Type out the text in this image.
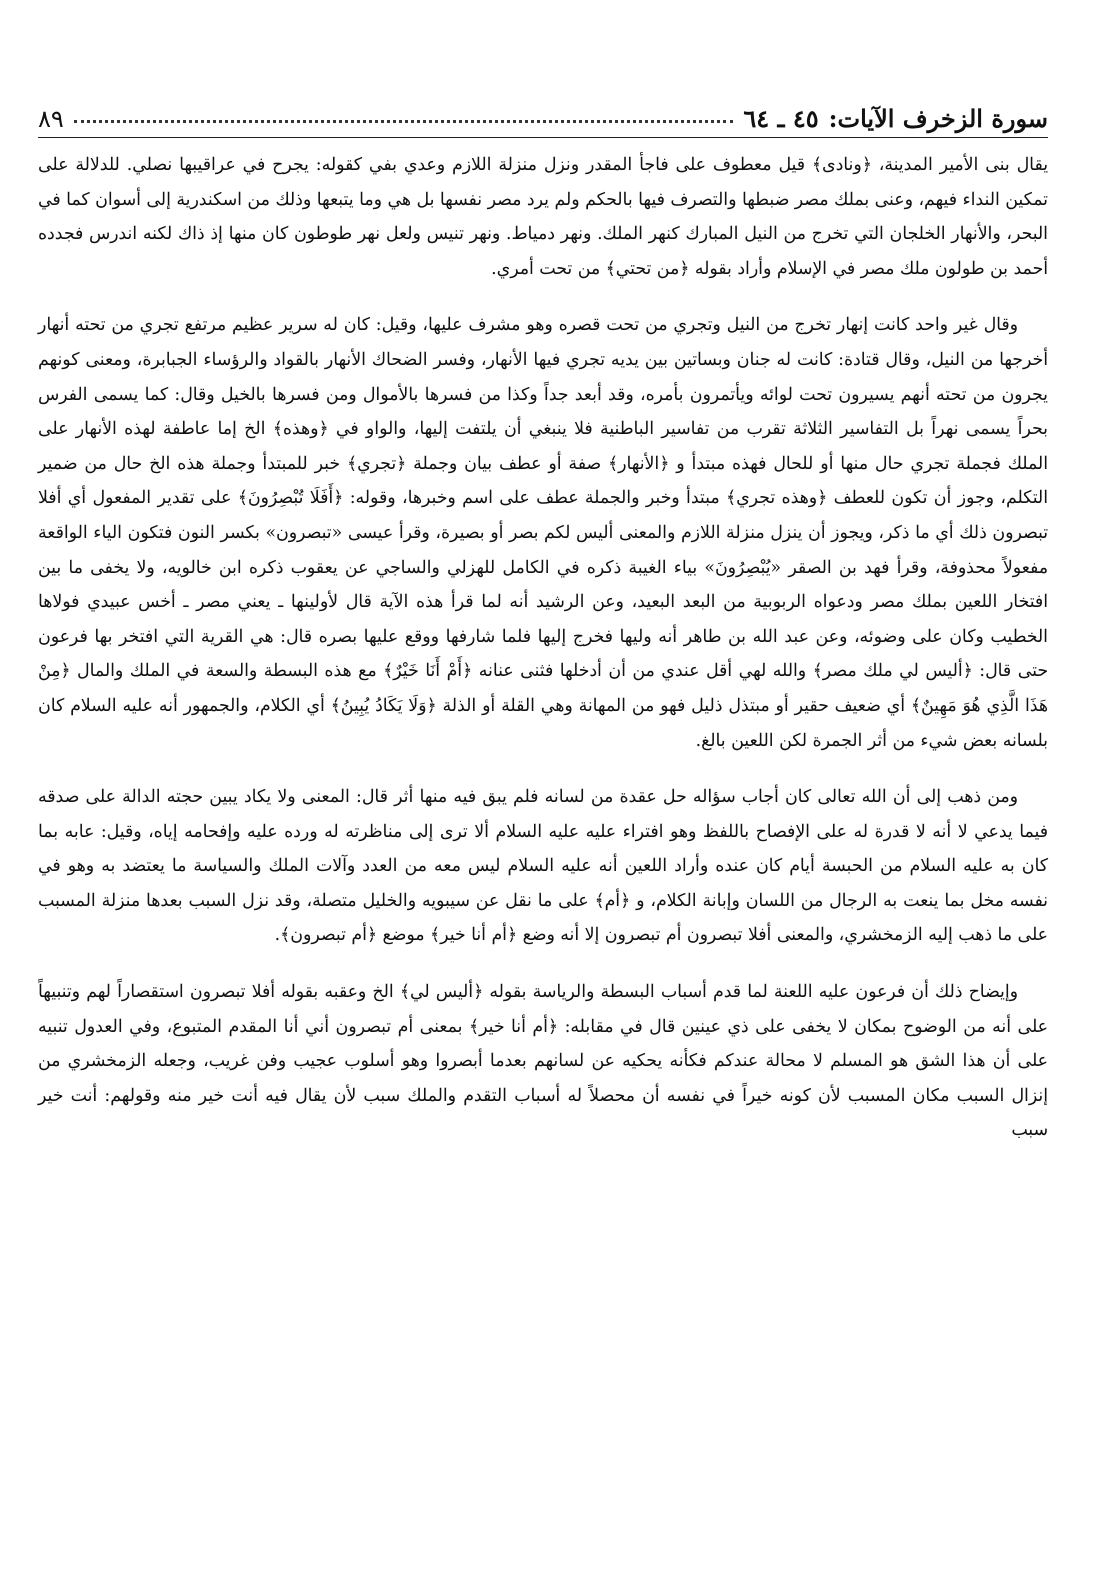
سورة الزخرف الآيات:
٤٥ ـ ٦٤
٨٩

يقال بنى الأمير المدينة، ﴿ونادى﴾ قيل معطوف على فاجأ المقدر ونزل منزلة اللازم وعدي بفي كقوله: يجرح في عراقيبها نصلي. للدلالة على تمكين النداء فيهم، وعنى بملك مصر ضبطها والتصرف فيها بالحكم ولم يرد مصر نفسها بل هي وما يتبعها وذلك من اسكندرية إلى أسوان كما في البحر، والأنهار الخلجان التي تخرج من النيل المبارك كنهر الملك. ونهر دمياط. ونهر تنيس ولعل نهر طوطون كان منها إذ ذاك لكنه اندرس فجدده أحمد بن طولون ملك مصر في الإسلام وأراد بقوله ﴿من تحتي﴾ من تحت أمري.

وقال غير واحد كانت إنهار تخرج من النيل وتجري من تحت قصره وهو مشرف عليها، وقيل: كان له سرير عظيم مرتفع تجري من تحته أنهار أخرجها من النيل، وقال قتادة: كانت له جنان وبساتين بين يديه تجري فيها الأنهار، وفسر الضحاك الأنهار بالقواد والرؤساء الجبابرة، ومعنى كونهم يجرون من تحته أنهم يسيرون تحت لوائه ويأتمرون بأمره، وقد أبعد جداً وكذا من فسرها بالأموال ومن فسرها بالخيل وقال: كما يسمى الفرس بحراً يسمى نهراً بل التفاسير الثلاثة تقرب من تفاسير الباطنية فلا ينبغي أن يلتفت إليها، والواو في ﴿وهذه﴾ الخ إما عاطفة لهذه الأنهار على الملك فجملة تجري حال منها أو للحال فهذه مبتدأ و ﴿الأنهار﴾ صفة أو عطف بيان وجملة ﴿تجري﴾ خبر للمبتدأ وجملة هذه الخ حال من ضمير التكلم، وجوز أن تكون للعطف ﴿وهذه تجري﴾ مبتدأ وخبر والجملة عطف على اسم وخبرها، وقوله: ﴿أَفَلَا تُبْصِرُونَ﴾ على تقدير المفعول أي أفلا تبصرون ذلك أي ما ذكر، ويجوز أن ينزل منزلة اللازم والمعنى أليس لكم بصر أو بصيرة، وقرأ عيسى «تبصرون» بكسر النون فتكون الياء الواقعة مفعولاً محذوفة، وقرأ فهد بن الصقر «يُبْصِرُونَ» بياء الغيبة ذكره في الكامل للهزلي والساجي عن يعقوب ذكره ابن خالويه، ولا يخفى ما بين افتخار اللعين بملك مصر ودعواه الربوبية من البعد البعيد، وعن الرشيد أنه لما قرأ هذه الآية قال لأولينها ـ يعني مصر ـ أخس عبيدي فولاها الخطيب وكان على وضوئه، وعن عبد الله بن طاهر أنه وليها فخرج إليها فلما شارفها ووقع عليها بصره قال: هي القرية التي افتخر بها فرعون حتى قال: ﴿أليس لي ملك مصر﴾ والله لهي أقل عندي من أن أدخلها فثنى عنانه ﴿أَمْ أَنَا خَيْرٌ﴾ مع هذه البسطة والسعة في الملك والمال ﴿مِنْ هَذَا الَّذِي هُوَ مَهِينٌ﴾ أي ضعيف حقير أو مبتذل ذليل فهو من المهانة وهي القلة أو الذلة ﴿وَلَا يَكَادُ يُبِينُ﴾ أي الكلام، والجمهور أنه عليه السلام كان بلسانه بعض شيء من أثر الجمرة لكن اللعين بالغ.

ومن ذهب إلى أن الله تعالى كان أجاب سؤاله حل عقدة من لسانه فلم يبق فيه منها أثر قال: المعنى ولا يكاد يبين حجته الدالة على صدقه فيما يدعي لا أنه لا قدرة له على الإفصاح باللفظ وهو افتراء عليه عليه السلام ألا ترى إلى مناظرته له ورده عليه وإفحامه إياه، وقيل: عابه بما كان به عليه السلام من الحبسة أيام كان عنده وأراد اللعين أنه عليه السلام ليس معه من العدد وآلات الملك والسياسة ما يعتضد به وهو في نفسه مخل بما ينعت به الرجال من اللسان وإبانة الكلام، و ﴿أم﴾ على ما نقل عن سيبويه والخليل متصلة، وقد نزل السبب بعدها منزلة المسبب على ما ذهب إليه الزمخشري، والمعنى أفلا تبصرون أم تبصرون إلا أنه وضع ﴿أم أنا خير﴾ موضع ﴿أم تبصرون﴾.

وإيضاح ذلك أن فرعون عليه اللعنة لما قدم أسباب البسطة والرياسة بقوله ﴿أليس لي﴾ الخ وعقبه بقوله أفلا تبصرون استقصاراً لهم وتنبيهاً على أنه من الوضوح بمكان لا يخفى على ذي عينين قال في مقابله: ﴿أم أنا خير﴾ بمعنى أم تبصرون أني أنا المقدم المتبوع، وفي العدول تنبيه على أن هذا الشق هو المسلم لا محالة عندكم فكأنه يحكيه عن لسانهم بعدما أبصروا وهو أسلوب عجيب وفن غريب، وجعله الزمخشري من إنزال السبب مكان المسبب لأن كونه خيراً في نفسه أن محصلاً له أسباب التقدم والملك سبب لأن يقال فيه أنت خير منه وقولهم: أنت خير سبب
